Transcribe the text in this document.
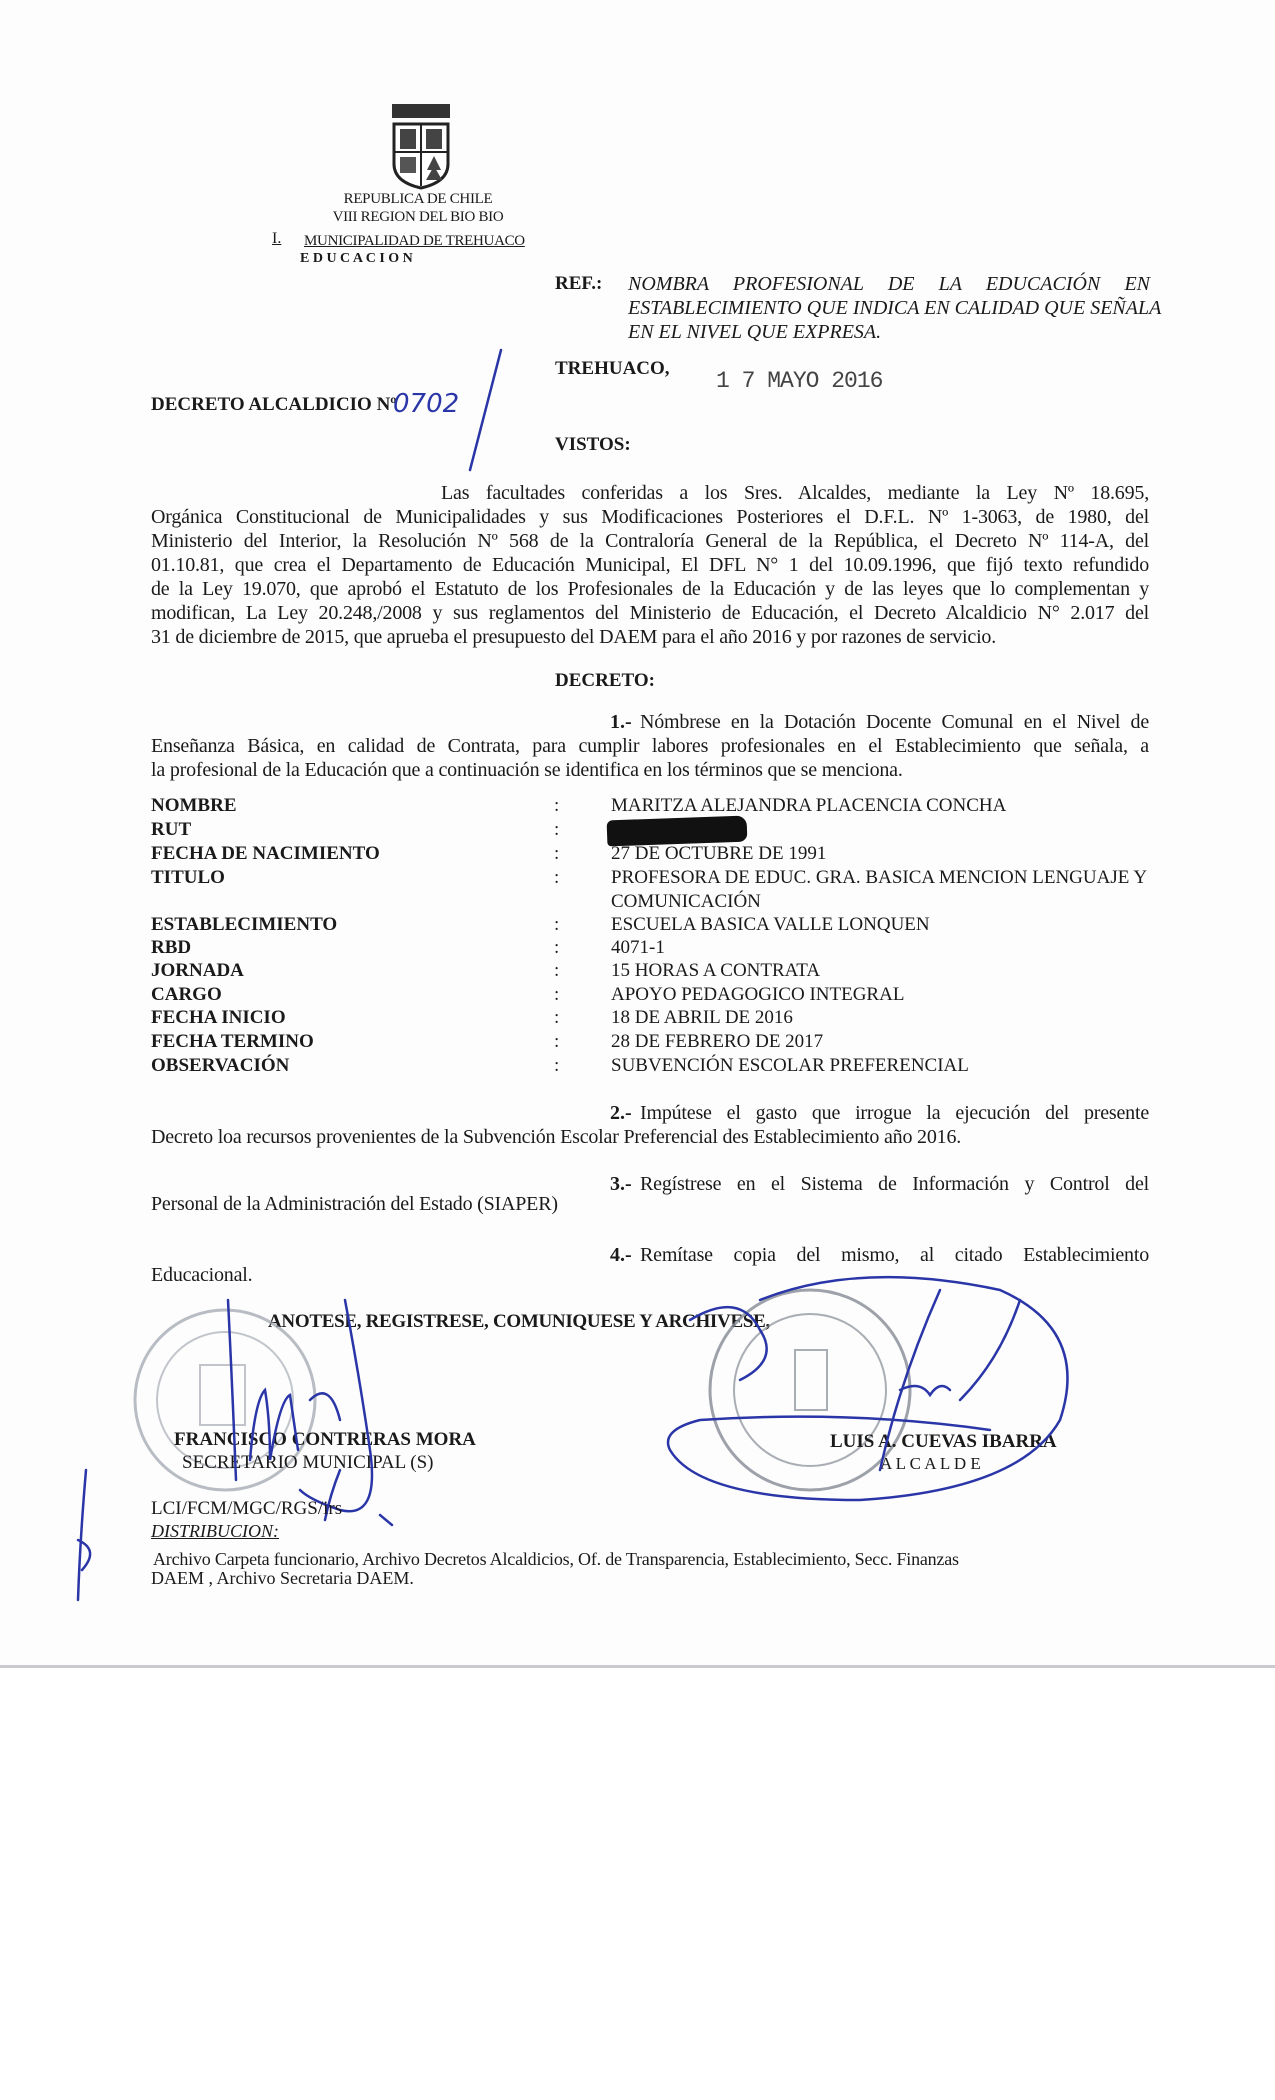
REPUBLICA DE CHILE
VIII REGION DEL BIO BIO
I. MUNICIPALIDAD DE TREHUACO
E D U C A C I O N
REF.: NOMBRA PROFESIONAL DE LA EDUCACIÓN EN
ESTABLECIMIENTO QUE INDICA EN CALIDAD QUE SEÑALA
EN EL NIVEL QUE EXPRESA.
TREHUACO, 1 7 MAYO 2016
DECRETO ALCALDICIO Nº
0702
VISTOS:
Las facultades conferidas a los Sres. Alcaldes, mediante la Ley Nº 18.695,
Orgánica Constitucional de Municipalidades y sus Modificaciones Posteriores el D.F.L. Nº 1-3063, de 1980, del
Ministerio del Interior, la Resolución Nº 568 de la Contraloría General de la República, el Decreto Nº 114-A, del
01.10.81, que crea el Departamento de Educación Municipal, El DFL N° 1 del 10.09.1996, que fijó texto refundido
de la Ley 19.070, que aprobó el Estatuto de los Profesionales de la Educación y de las leyes que lo complementan y
modifican, La Ley 20.248,/2008 y sus reglamentos del Ministerio de Educación, el Decreto Alcaldicio N° 2.017 del
31 de diciembre de 2015, que aprueba el presupuesto del DAEM para el año 2016 y por razones de servicio.
DECRETO:
1.- Nómbrese en la Dotación Docente Comunal en el Nivel de
Enseñanza Básica, en calidad de Contrata, para cumplir labores profesionales en el Establecimiento que señala, a
la profesional de la Educación que a continuación se identifica en los términos que se menciona.
NOMBRE	:	MARITZA ALEJANDRA PLACENCIA CONCHA
RUT	:
FECHA DE NACIMIENTO	:	27 DE OCTUBRE DE 1991
TITULO	:	PROFESORA DE EDUC. GRA. BASICA MENCION LENGUAJE Y
COMUNICACIÓN
ESTABLECIMIENTO	:	ESCUELA BASICA VALLE LONQUEN
RBD	:	4071-1
JORNADA	:	15 HORAS A CONTRATA
CARGO	:	APOYO PEDAGOGICO INTEGRAL
FECHA INICIO	:	18 DE ABRIL DE 2016
FECHA TERMINO	:	28 DE FEBRERO DE 2017
OBSERVACIÓN	:	SUBVENCIÓN ESCOLAR PREFERENCIAL
2.- Impútese el gasto que irrogue la ejecución del presente
Decreto loa recursos provenientes de la Subvención Escolar Preferencial des Establecimiento año 2016.
3.- Regístrese en el Sistema de Información y Control del
Personal de la Administración del Estado (SIAPER)
4.- Remítase copia del mismo, al citado Establecimiento
Educacional.
ANOTESE, REGISTRESE, COMUNIQUESE Y ARCHIVESE,
FRANCISCO CONTRERAS MORA
SECRETARIO MUNICIPAL (S)
LUIS A. CUEVAS IBARRA
A L C A L D E
LCI/FCM/MGC/RGS/irs
DISTRIBUCION:
Archivo Carpeta funcionario, Archivo Decretos Alcaldicios, Of. de Transparencia, Establecimiento, Secc. Finanzas
DAEM , Archivo Secretaria DAEM.
